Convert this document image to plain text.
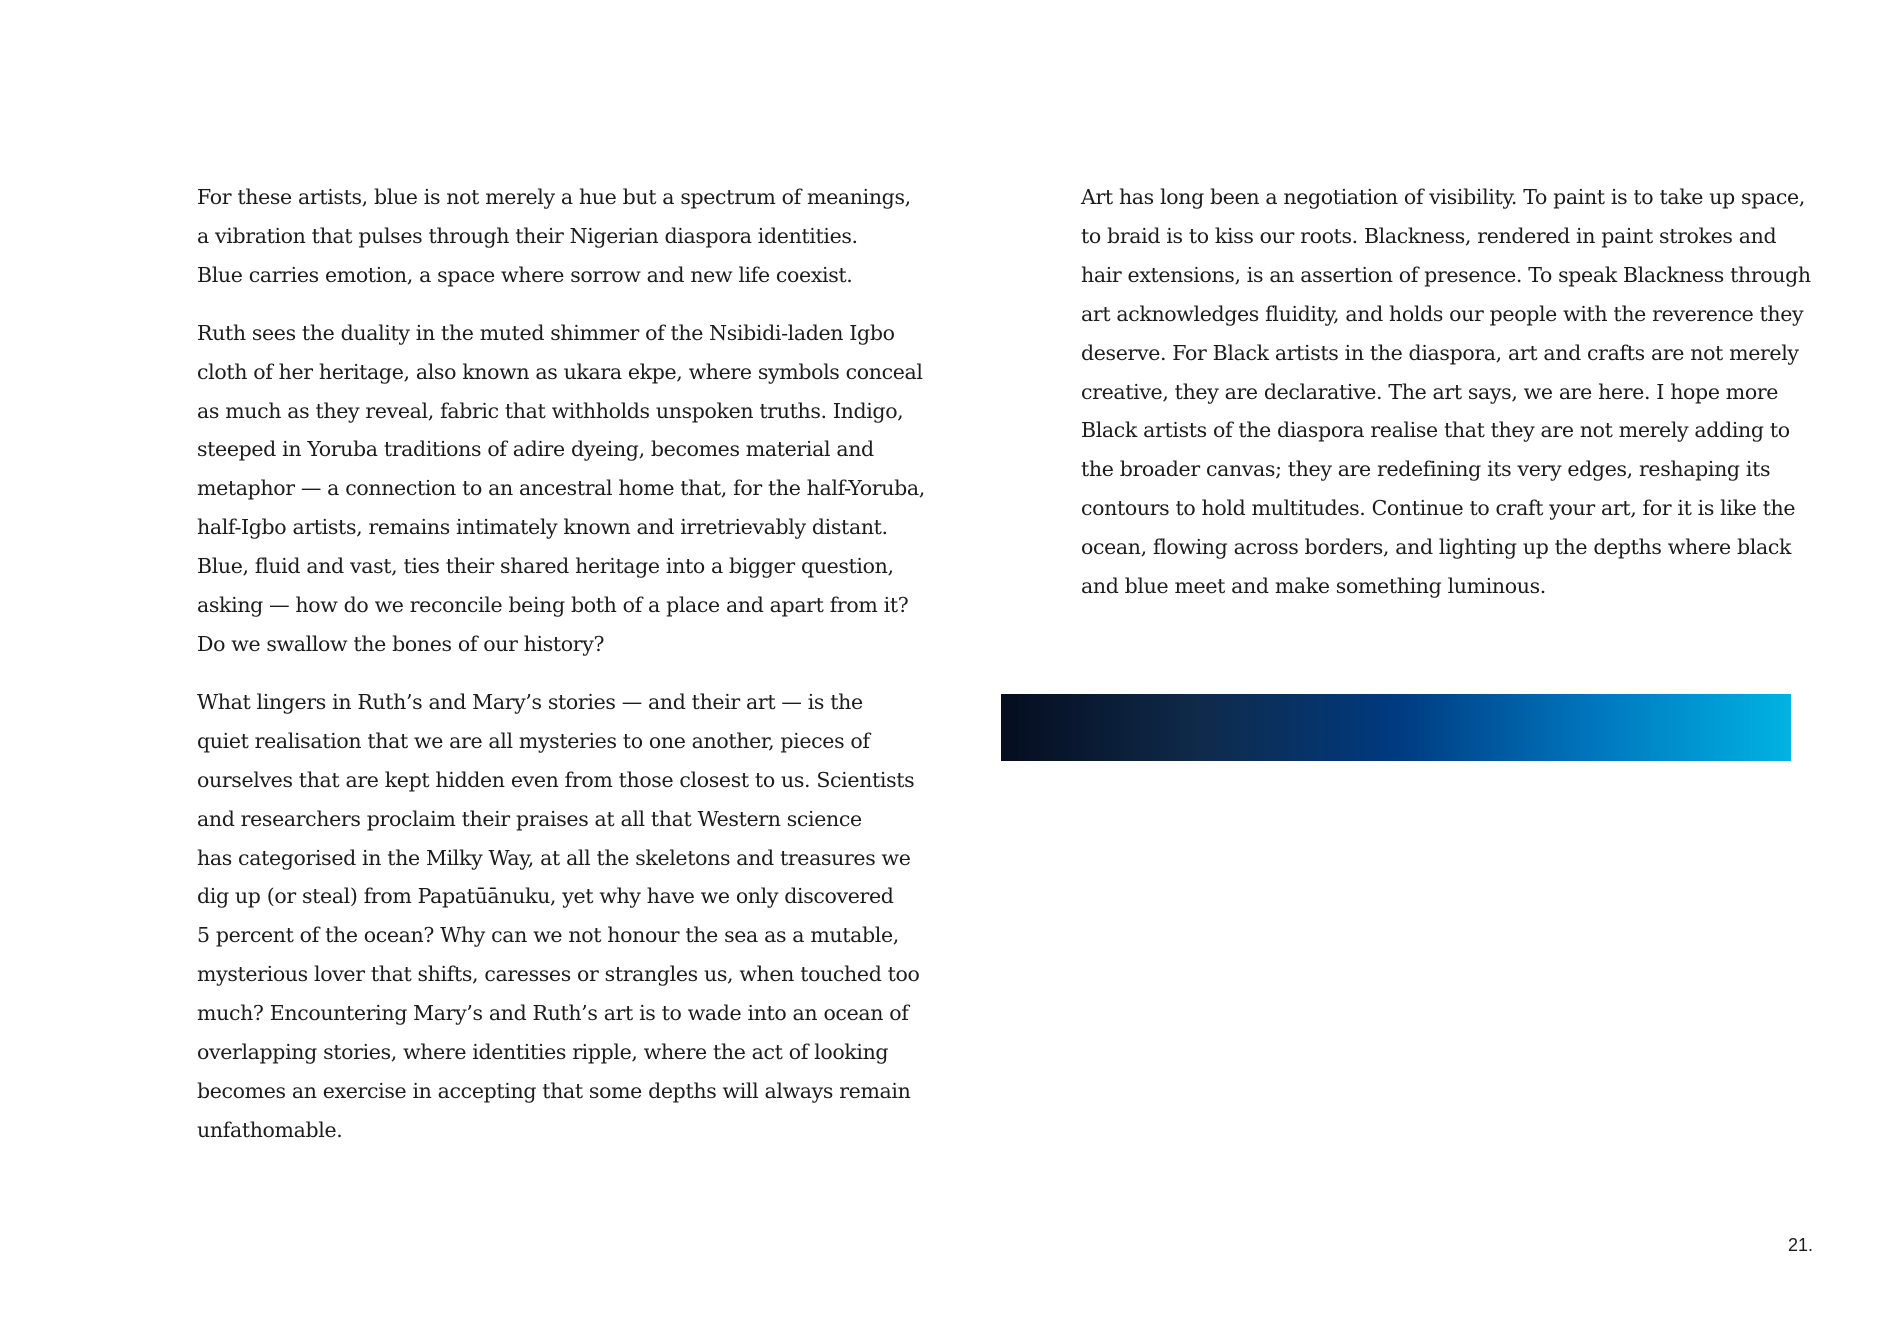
For these artists, blue is not merely a hue but a spectrum of meanings,
a vibration that pulses through their Nigerian diaspora identities.
Blue carries emotion, a space where sorrow and new life coexist.

Ruth sees the duality in the muted shimmer of the Nsibidi-laden Igbo
cloth of her heritage, also known as ukara ekpe, where symbols conceal
as much as they reveal, fabric that withholds unspoken truths. Indigo,
steeped in Yoruba traditions of adire dyeing, becomes material and
metaphor — a connection to an ancestral home that, for the half-Yoruba,
half-Igbo artists, remains intimately known and irretrievably distant.
Blue, fluid and vast, ties their shared heritage into a bigger question,
asking — how do we reconcile being both of a place and apart from it?
Do we swallow the bones of our history?

What lingers in Ruth’s and Mary’s stories — and their art — is the
quiet realisation that we are all mysteries to one another, pieces of
ourselves that are kept hidden even from those closest to us. Scientists
and researchers proclaim their praises at all that Western science
has categorised in the Milky Way, at all the skeletons and treasures we
dig up (or steal) from Papatūānuku, yet why have we only discovered
5 percent of the ocean? Why can we not honour the sea as a mutable,
mysterious lover that shifts, caresses or strangles us, when touched too
much? Encountering Mary’s and Ruth’s art is to wade into an ocean of
overlapping stories, where identities ripple, where the act of looking
becomes an exercise in accepting that some depths will always remain
unfathomable.

Art has long been a negotiation of visibility. To paint is to take up space,
to braid is to kiss our roots. Blackness, rendered in paint strokes and
hair extensions, is an assertion of presence. To speak Blackness through
art acknowledges fluidity, and holds our people with the reverence they
deserve. For Black artists in the diaspora, art and crafts are not merely
creative, they are declarative. The art says, we are here. I hope more
Black artists of the diaspora realise that they are not merely adding to
the broader canvas; they are redefining its very edges, reshaping its
contours to hold multitudes. Continue to craft your art, for it is like the
ocean, flowing across borders, and lighting up the depths where black
and blue meet and make something luminous.

21.
